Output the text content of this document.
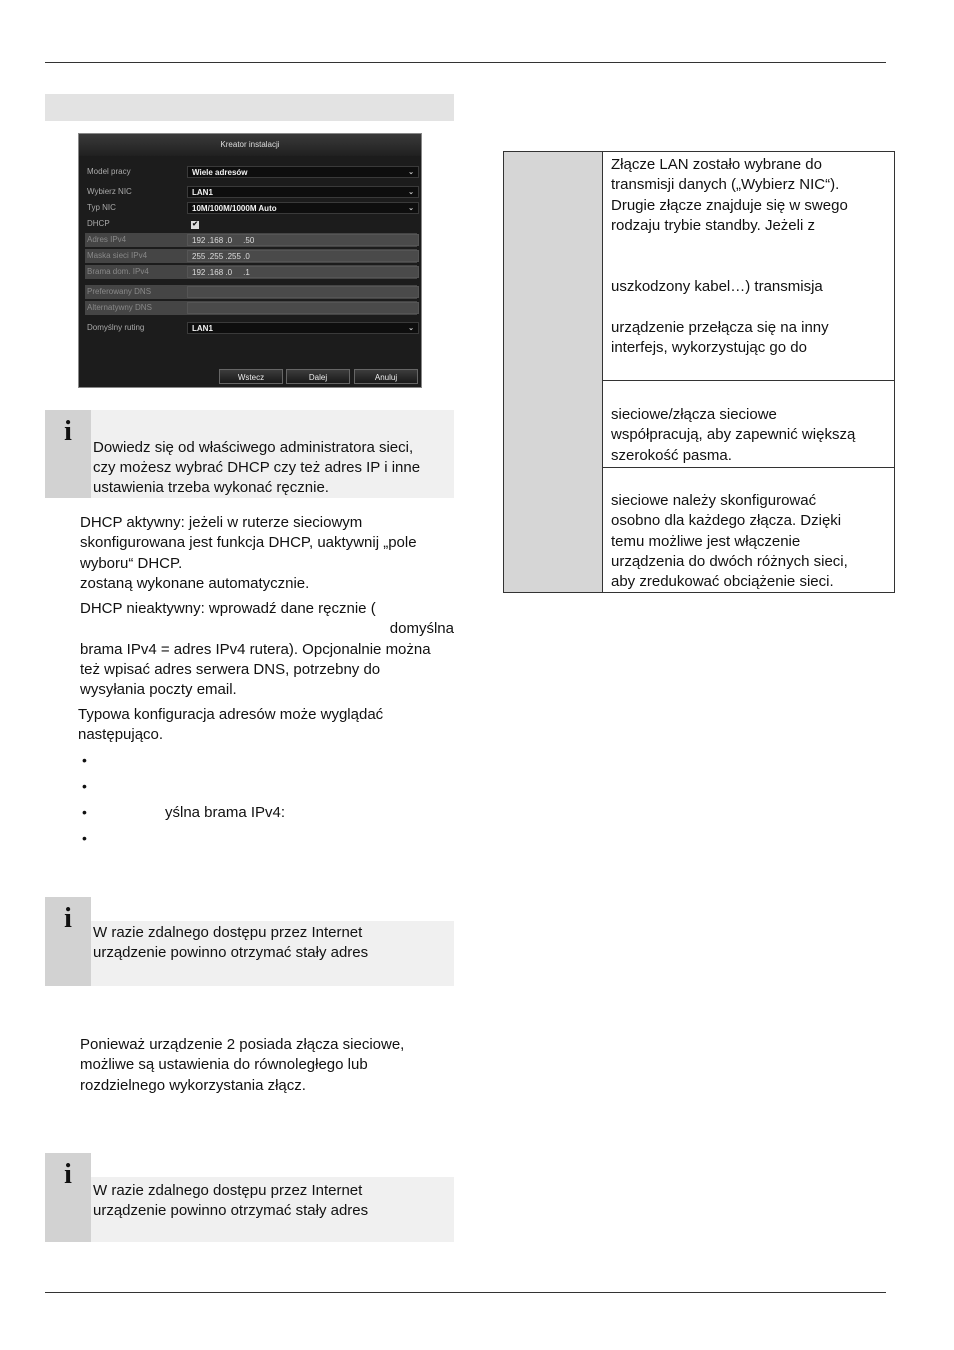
Kreator instalacji
Model pracy	Wiele adresów	⌄
Wybierz NIC	LAN1	⌄
Typ NIC	10M/100M/1000M Auto	⌄
DHCP	✔
Adres IPv4	192 .168 .0     .50
Maska sieci IPv4	255 .255 .255 .0
Brama dom. IPv4	192 .168 .0     .1
Preferowany DNS
Alternatywny DNS
Domyślny ruting	LAN1	⌄
Wstecz	Dalej	Anuluj
i
Dowiedz się od właściwego administratora sieci,
czy możesz wybrać DHCP czy też adres IP i inne
ustawienia trzeba wykonać ręcznie.
DHCP aktywny: jeżeli w ruterze sieciowym
skonfigurowana jest funkcja DHCP, uaktywnij „pole
wyboru“ DHCP.
zostaną wykonane automatycznie.
DHCP nieaktywny: wprowadź dane ręcznie (
domyślna
brama IPv4 = adres IPv4 rutera). Opcjonalnie można
też wpisać adres serwera DNS, potrzebny do
wysyłania poczty email.
Typowa konfiguracja adresów może wyglądać
następująco.
•
•
•	yślna brama IPv4:
•
i	W razie zdalnego dostępu przez Internet
urządzenie powinno otrzymać stały adres
Ponieważ urządzenie 2 posiada złącza sieciowe,
możliwe są ustawienia do równoległego lub
rozdzielnego wykorzystania złącz.
i
W razie zdalnego dostępu przez Internet
urządzenie powinno otrzymać stały adres
Złącze LAN zostało wybrane do
transmisji danych („Wybierz NIC“).
Drugie złącze znajduje się w swego
rodzaju trybie standby. Jeżeli z
uszkodzony kabel…) transmisja
urządzenie przełącza się na inny
interfejs, wykorzystując go do
sieciowe/złącza sieciowe
współpracują, aby zapewnić większą
szerokość pasma.
sieciowe należy skonfigurować
osobno dla każdego złącza. Dzięki
temu możliwe jest włączenie
urządzenia do dwóch różnych sieci,
aby zredukować obciążenie sieci.
